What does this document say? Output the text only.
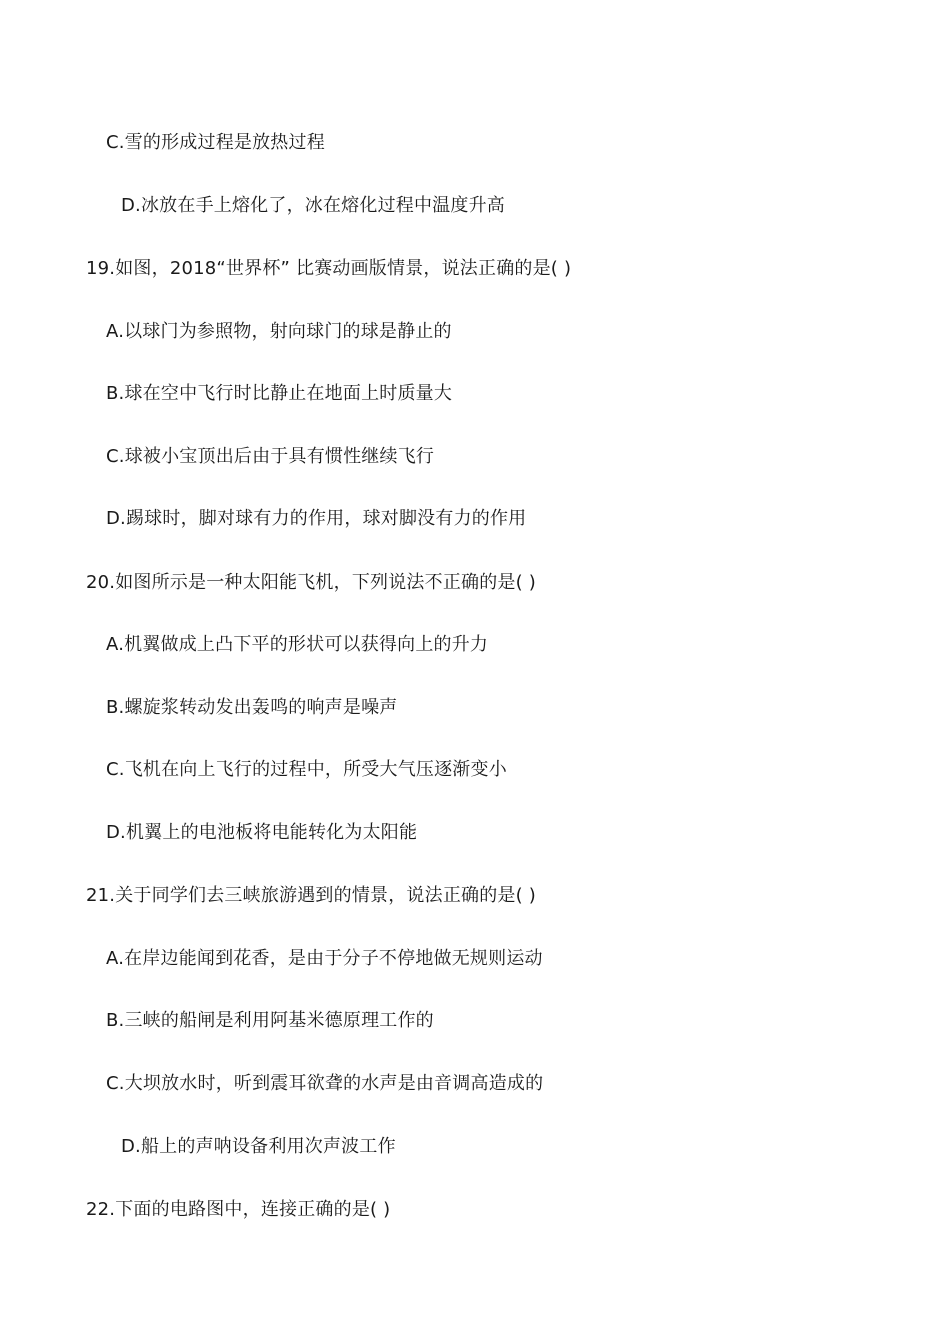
C.雪的形成过程是放热过程
D.冰放在手上熔化了，冰在熔化过程中温度升高
19.如图，2018“世界杯” 比赛动画版情景，说法正确的是( )
A.以球门为参照物，射向球门的球是静止的
B.球在空中飞行时比静止在地面上时质量大
C.球被小宝顶出后由于具有惯性继续飞行
D.踢球时，脚对球有力的作用，球对脚没有力的作用
20.如图所示是一种太阳能飞机，下列说法不正确的是( )
A.机翼做成上凸下平的形状可以获得向上的升力
B.螺旋浆转动发出轰鸣的响声是噪声
C.飞机在向上飞行的过程中，所受大气压逐渐变小
D.机翼上的电池板将电能转化为太阳能
21.关于同学们去三峡旅游遇到的情景，说法正确的是( )
A.在岸边能闻到花香，是由于分子不停地做无规则运动
B.三峡的船闸是利用阿基米德原理工作的
C.大坝放水时，听到震耳欲聋的水声是由音调高造成的
D.船上的声呐设备利用次声波工作
22.下面的电路图中，连接正确的是( )
